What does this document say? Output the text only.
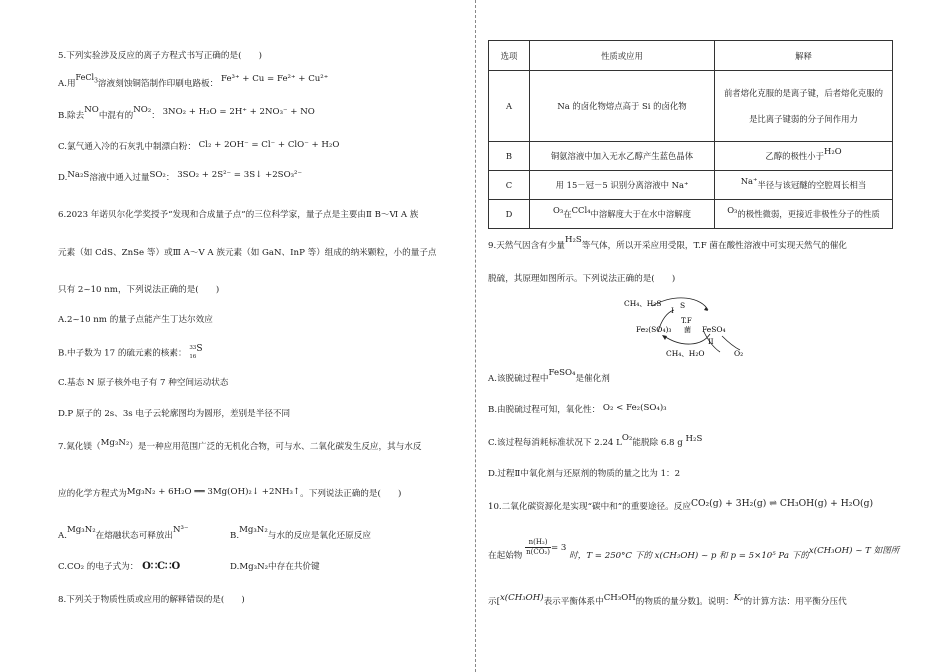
5.下列实验涉及反应的离子方程式书写正确的是(　　)
A.用FeCl$_3$溶液刻蚀铜箔制作印刷电路板： Fe³⁺ + Cu = Fe²⁺ + Cu²⁺
B.除去NO中混有的NO₂： 3NO₂ + H₂O = 2H⁺ + 2NO₃⁻ + NO
C.氯气通入冷的石灰乳中制漂白粉： Cl₂ + 2OH⁻ = Cl⁻ + ClO⁻ + H₂O
D.Na₂S溶液中通入过量SO₂： 3SO₂ + 2S²⁻ = 3S↓ +2SO₃²⁻
6.2023 年诺贝尔化学奖授予“发现和合成量子点”的三位科学家，量子点是主要由Ⅱ B～Ⅵ A 族
元素（如 CdS、ZnSe 等）或Ⅲ A～Ⅴ A 族元素（如 GaN、InP 等）组成的纳米颗粒，小的量子点
只有 2~10 nm，下列说法正确的是(　　)
A.2~10 nm 的量子点能产生丁达尔效应
B.中子数为 17 的硫元素的核素：
33
16
S
C.基态 N 原子核外电子有 7 种空间运动状态
D.P 原子的 2s、3s 电子云轮廓图均为圆形，差别是半径不同
7.氮化镁（Mg₃N₂）是一种应用范围广泛的无机化合物，可与水、二氧化碳发生反应，其与水反
应的化学方程式为Mg₃N₂ + 6H₂O ══ 3Mg(OH)₂↓ +2NH₃↑。下列说法正确的是(　　)
A.Mg₃N₂在熔融状态可释放出N³⁻
B.Mg₃N₂与水的反应是氧化还原反应
C.CO₂ 的电子式为： O∷C∷O	D.Mg₃N₂中存在共价键
8.下列关于物质性质或应用的解释错误的是(　　)
选项	性质或应用	解释
A	Na 的卤化物熔点高于 Si 的卤化物	前者熔化克服的是离子键，后者熔化克服的
是比离子键弱的分子间作用力

B	铜氨溶液中加入无水乙醇产生蓝色晶体	乙醇的极性小于H₂O
C	用 15－冠－5 识别分离溶液中 Na⁺	Na⁺半径与该冠醚的空腔周长相当
D	O₃在CCl₄中溶解度大于在水中溶解度	O₃的极性微弱，更接近非极性分子的性质
9.天然气因含有少量H₂S等气体，所以开采应用受限，T.F 菌在酸性溶液中可实现天然气的催化
脱硫，其原理如图所示。下列说法正确的是(　　)
CH₄、H₂S
I
S
Fe₂(SO₄)₃
T.F
菌 FeSO₄
II
CH₄、H₂O	O₂
A.该脱硫过程中FeSO₄是催化剂
B.由脱硫过程可知，氧化性： O₂ < Fe₂(SO₄)₃
C.该过程每消耗标准状况下 2.24 LO₂能脱除 6.8 g H₂S
D.过程Ⅱ中氧化剂与还原剂的物质的量之比为 1：2
10.二氧化碳资源化是实现“碳中和”的重要途径。反应CO₂(g) + 3H₂(g) ⇌ CH₃OH(g) + H₂O(g)
在起始物 $\frac{\text{n(H₂)}}{\text{n(CO₂)}} = 3$ 时，T = 250°C 下的 x(CH₃OH) ~ p 和 p = 5×10⁵ Pa 下的x(CH₃OH) ~ T 如图所
示[x(CH₃OH)表示平衡体系中CH₃OH的物质的量分数]。说明：Kₚ的计算方法：用平衡分压代
